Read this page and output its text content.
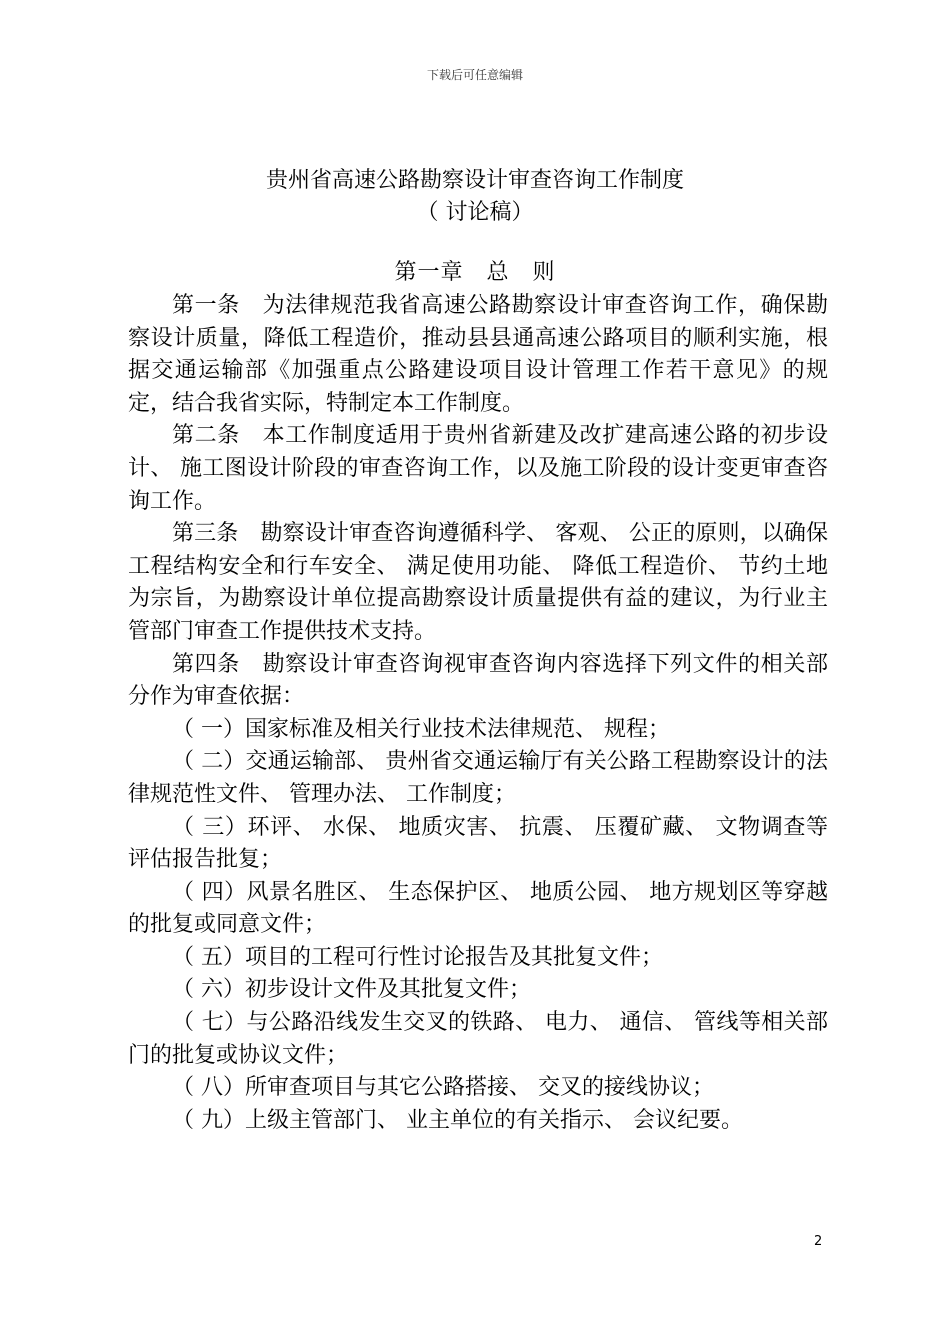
下载后可任意编辑
贵州省高速公路勘察设计审查咨询工作制度
（ 讨论稿）
第一章　总　则

第一条　为法律规范我省高速公路勘察设计审查咨询工作，确保勘察设计质量，降低工程造价，推动县县通高速公路项目的顺利实施，根据交通运输部《加强重点公路建设项目设计管理工作若干意见》的规定，结合我省实际，特制定本工作制度。

第二条　本工作制度适用于贵州省新建及改扩建高速公路的初步设计、 施工图设计阶段的审查咨询工作，以及施工阶段的设计变更审查咨询工作。

第三条　勘察设计审查咨询遵循科学、 客观、 公正的原则，以确保工程结构安全和行车安全、 满足使用功能、 降低工程造价、 节约土地为宗旨，为勘察设计单位提高勘察设计质量提供有益的建议，为行业主管部门审查工作提供技术支持。

第四条　勘察设计审查咨询视审查咨询内容选择下列文件的相关部分作为审查依据：

（ 一）国家标准及相关行业技术法律规范、 规程；

（ 二）交通运输部、 贵州省交通运输厅有关公路工程勘察设计的法律规范性文件、 管理办法、 工作制度；

（ 三）环评、 水保、 地质灾害、 抗震、 压覆矿藏、 文物调查等评估报告批复；

（ 四）风景名胜区、 生态保护区、 地质公园、 地方规划区等穿越的批复或同意文件；

（ 五）项目的工程可行性讨论报告及其批复文件；

（ 六）初步设计文件及其批复文件；

（ 七）与公路沿线发生交叉的铁路、 电力、 通信、 管线等相关部门的批复或协议文件；

（ 八）所审查项目与其它公路搭接、 交叉的接线协议；

（ 九）上级主管部门、 业主单位的有关指示、 会议纪要。

2
